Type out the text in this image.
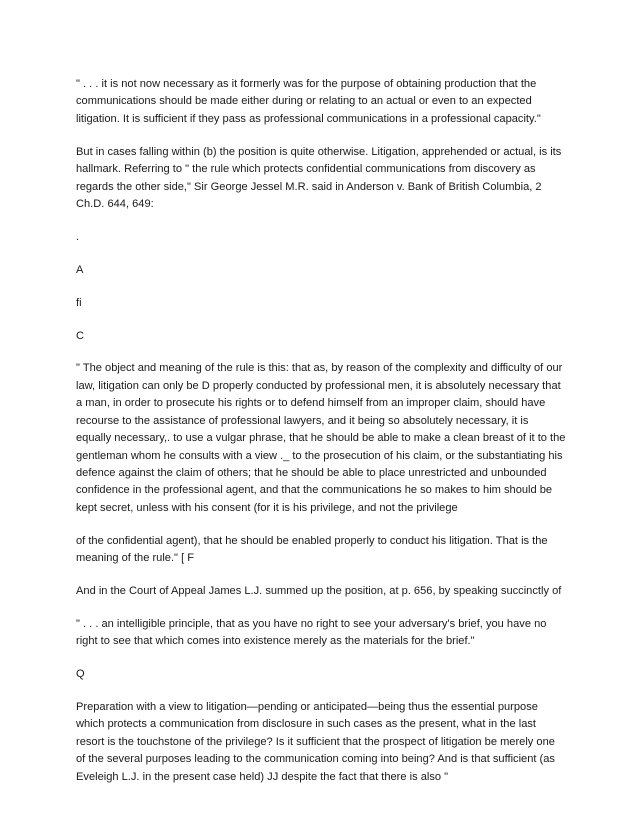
" . . . it is not now necessary as it formerly was for the purpose of obtaining production that the communications should be made either during or relating to an actual or even to an expected litigation. It is sufficient if they pass as professional communications in a professional capacity."

But in cases falling within (b) the position is quite otherwise. Litigation, apprehended or actual, is its hallmark. Referring to " the rule which protects confidential communications from discovery as regards the other side," Sir George Jessel M.R. said in Anderson v. Bank of British Columbia, 2 Ch.D. 644, 649:

.

A

fi

C

" The object and meaning of the rule is this: that as, by reason of the complexity and difficulty of our law, litigation can only be D properly conducted by professional men, it is absolutely necessary that a man, in order to prosecute his rights or to defend himself from an improper claim, should have recourse to the assistance of professional lawyers, and it being so absolutely necessary, it is equally necessary,. to use a vulgar phrase, that he should be able to make a clean breast of it to the gentleman whom he consults with a view ._ to the prosecution of his claim, or the substantiating his defence against the claim of others; that he should be able to place unrestricted and unbounded confidence in the professional agent, and that the communications he so makes to him should be kept secret, unless with his consent (for it is his privilege, and not the privilege

of the confidential agent), that he should be enabled properly to conduct his litigation. That is the meaning of the rule." [ F

And in the Court of Appeal James L.J. summed up the position, at p. 656, by speaking succinctly of

" . . . an intelligible principle, that as you have no right to see your adversary's brief, you have no right to see that which comes into existence merely as the materials for the brief."

Q

Preparation with a view to litigation—pending or anticipated—being thus the essential purpose which protects a communication from disclosure in such cases as the present, what in the last resort is the touchstone of the privilege? Is it sufficient that the prospect of litigation be merely one of the several purposes leading to the communication coming into being? And is that sufficient (as Eveleigh L.J. in the present case held) JJ despite the fact that there is also "
